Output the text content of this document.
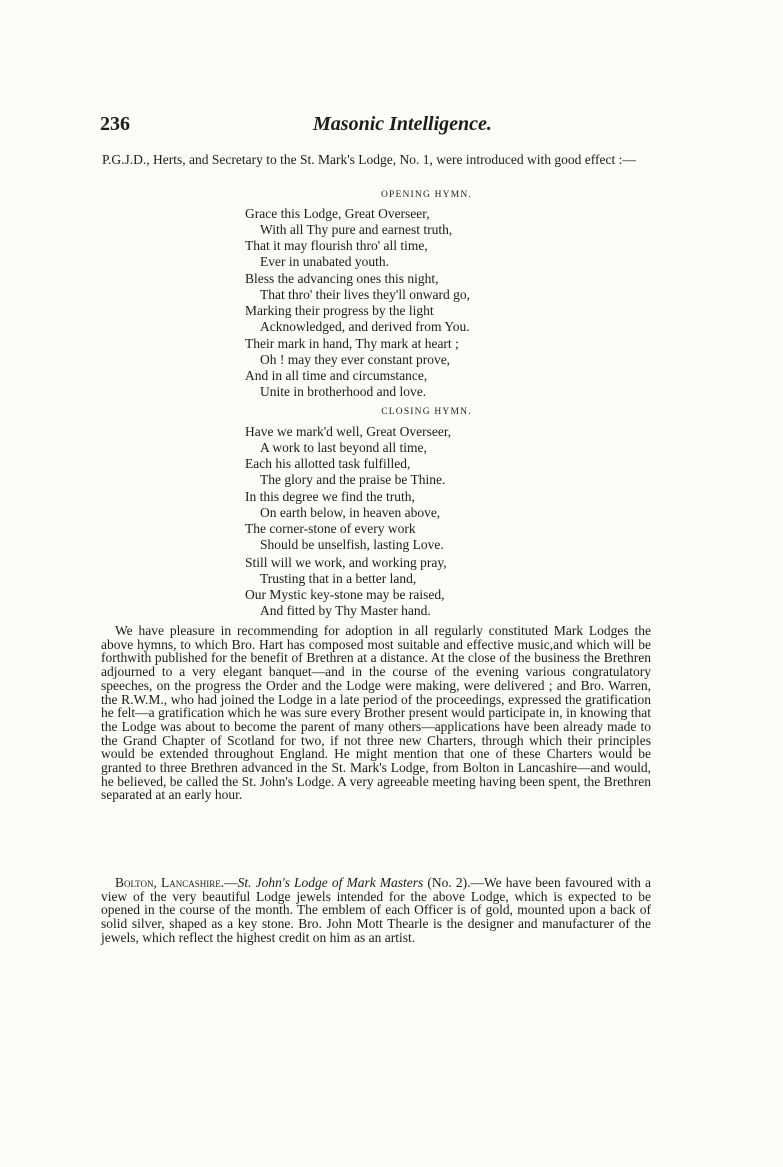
236	Masonic Intelligence.
P.G.J.D., Herts, and Secretary to the St. Mark's Lodge, No. 1, were introduced with good effect :—
OPENING HYMN.
Grace this Lodge, Great Overseer,
With all Thy pure and earnest truth,
That it may flourish thro' all time,
Ever in unabated youth.
Bless the advancing ones this night,
That thro' their lives they'll onward go,
Marking their progress by the light
Acknowledged, and derived from You.
Their mark in hand, Thy mark at heart ;
Oh ! may they ever constant prove,
And in all time and circumstance,
Unite in brotherhood and love.
CLOSING HYMN.
Have we mark'd well, Great Overseer,
A work to last beyond all time,
Each his allotted task fulfilled,
The glory and the praise be Thine.
In this degree we find the truth,
On earth below, in heaven above,
The corner-stone of every work
Should be unselfish, lasting Love.
Still will we work, and working pray,
Trusting that in a better land,
Our Mystic key-stone may be raised,
And fitted by Thy Master hand.
We have pleasure in recommending for adoption in all regularly constituted Mark Lodges the above hymns, to which Bro. Hart has composed most suitable and effective music,and which will be forthwith published for the benefit of Brethren at a distance. At the close of the business the Brethren adjourned to a very elegant banquet—and in the course of the evening various congratulatory speeches, on the progress the Order and the Lodge were making, were delivered ; and Bro. Warren, the R.W.M., who had joined the Lodge in a late period of the proceedings, expressed the gratification he felt—a gratification which he was sure every Brother present would participate in, in knowing that the Lodge was about to become the parent of many others—applications have been already made to the Grand Chapter of Scotland for two, if not three new Charters, through which their principles would be extended throughout England. He might mention that one of these Charters would be granted to three Brethren advanced in the St. Mark's Lodge, from Bolton in Lancashire—and would, he believed, be called the St. John's Lodge. A very agreeable meeting having been spent, the Brethren separated at an early hour.
Bolton, Lancashire.—St. John's Lodge of Mark Masters (No. 2).—We have been favoured with a view of the very beautiful Lodge jewels intended for the above Lodge, which is expected to be opened in the course of the month. The emblem of each Officer is of gold, mounted upon a back of solid silver, shaped as a key stone. Bro. John Mott Thearle is the designer and manufacturer of the jewels, which reflect the highest credit on him as an artist.
